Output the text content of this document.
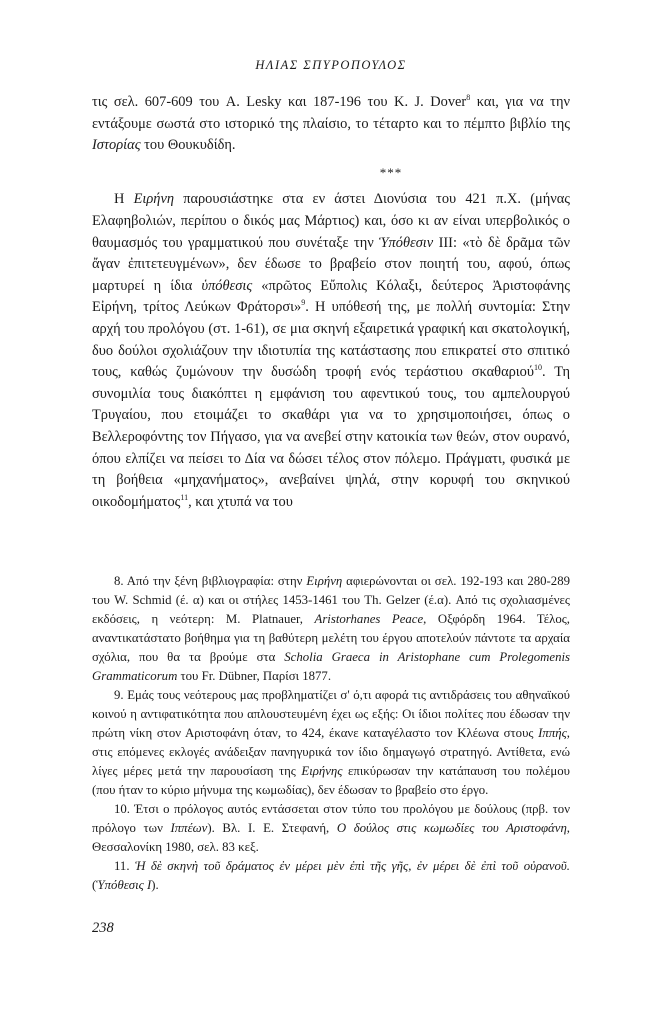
ΗΛΙΑΣ ΣΠΥΡΟΠΟΥΛΟΣ

τις σελ. 607-609 του A. Lesky και 187-196 του K. J. Dover$^8$ και, για να την εντάξουμε σωστά στο ιστορικό της πλαίσιο, το τέταρτο και το πέμπτο βιβλίο της Ιστορίας του Θουκυδίδη.

***

Η Ειρήνη παρουσιάστηκε στα εν άστει Διονύσια του 421 π.Χ. (μήνας Ελαφηβολιών, περίπου ο δικός μας Μάρτιος) και, όσο κι αν είναι υπερβολικός ο θαυμασμός του γραμματικού που συνέταξε την Ὑπόθεσιν III: «τὸ δὲ δρᾶμα τῶν ἄγαν ἐπιτετευγμένων», δεν έδωσε το βραβείο στον ποιητή του, αφού, όπως μαρτυρεί η ίδια ὑπόθεσις «πρῶτος Εὔπολις Κόλαξι, δεύτερος Ἀριστοφάνης Εἰρήνη, τρίτος Λεύκων Φράτορσι»$^9$. Η υπόθεσή της, με πολλή συντομία: Στην αρχή του προλόγου (στ. 1-61), σε μια σκηνή εξαιρετικά γραφική και σκατολογική, δυο δούλοι σχολιάζουν την ιδιοτυπία της κατάστασης που επικρατεί στο σπιτικό τους, καθώς ζυμώνουν την δυσώδη τροφή ενός τεράστιου σκαθαριού$^{10}$. Τη συνομιλία τους διακόπτει η εμφάνιση του αφεντικού τους, του αμπελουργού Τρυγαίου, που ετοιμάζει το σκαθάρι για να το χρησιμοποιήσει, όπως ο Βελλεροφόντης τον Πήγασο, για να ανεβεί στην κατοικία των θεών, στον ουρανό, όπου ελπίζει να πείσει το Δία να δώσει τέλος στον πόλεμο. Πράγματι, φυσικά με τη βοήθεια «μηχανήματος», ανεβαίνει ψηλά, στην κορυφή του σκηνικού οικοδομήματος$^{11}$, και χτυπά να του

8. Από την ξένη βιβλιογραφία: στην Ειρήνη αφιερώνονται οι σελ. 192-193 και 280-289 του W. Schmid (έ. α) και οι στήλες 1453-1461 του Th. Gelzer (έ.α). Από τις σχολιασμένες εκδόσεις, η νεότερη: M. Platnauer, Aristorhanes Peace, Οξφόρδη 1964. Τέλος, αναντικατάστατο βοήθημα για τη βαθύτερη μελέτη του έργου αποτελούν πάντοτε τα αρχαία σχόλια, που θα τα βρούμε στα Scholia Graeca in Aristophane cum Prolegomenis Grammaticorum του Fr. Dübner, Παρίσι 1877.

9. Εμάς τους νεότερους μας προβληματίζει σ' ό,τι αφορά τις αντιδράσεις του αθηναϊκού κοινού η αντιφατικότητα που απλουστευμένη έχει ως εξής: Οι ίδιοι πολίτες που έδωσαν την πρώτη νίκη στον Αριστοφάνη όταν, το 424, έκανε καταγέλαστο τον Κλέωνα στους Ιππής, στις επόμενες εκλογές ανάδειξαν πανηγυρικά τον ίδιο δημαγωγό στρατηγό. Αντίθετα, ενώ λίγες μέρες μετά την παρουσίαση της Ειρήνης επικύρωσαν την κατάπαυση του πολέμου (που ήταν το κύριο μήνυμα της κωμωδίας), δεν έδωσαν το βραβείο στο έργο.

10. Έτσι ο πρόλογος αυτός εντάσσεται στον τύπο του προλόγου με δούλους (πρβ. τον πρόλογο των Ιππέων). Βλ. Ι. Ε. Στεφανή, Ο δούλος στις κωμωδίες του Αριστοφάνη, Θεσσαλονίκη 1980, σελ. 83 κεξ.

11. Ἡ δὲ σκηνὴ τοῦ δράματος ἐν μέρει μὲν ἐπὶ τῆς γῆς, ἐν μέρει δὲ ἐπὶ τοῦ οὐρανοῦ. (Ὑπόθεσις Ι).

238
